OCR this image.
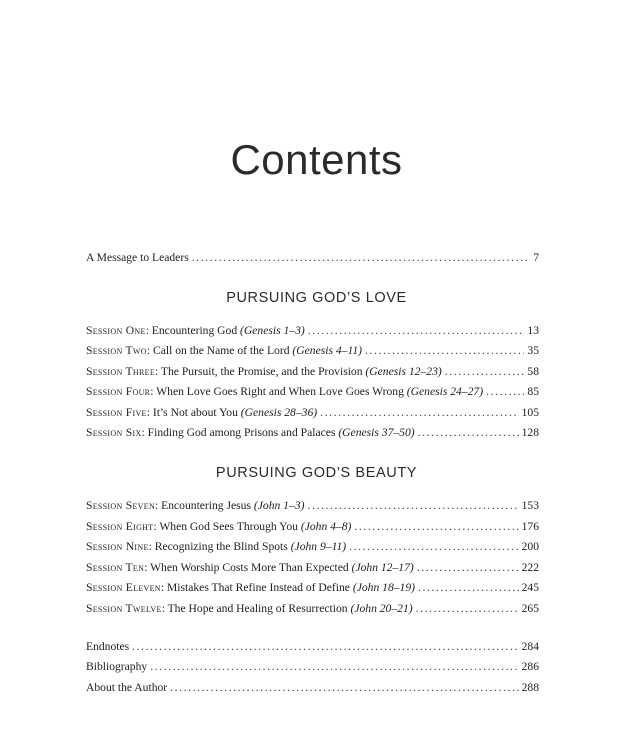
Contents
A Message to Leaders .....	7
PURSUING GOD’S LOVE
Session One: Encountering God (Genesis 1–3) .....	13
Session Two: Call on the Name of the Lord (Genesis 4–11) .....	35
Session Three: The Pursuit, the Promise, and the Provision (Genesis 12–23) .....	58
Session Four: When Love Goes Right and When Love Goes Wrong (Genesis 24–27) .....	85
Session Five: It’s Not about You (Genesis 28–36) .....	105
Session Six: Finding God among Prisons and Palaces (Genesis 37–50) .....	128
PURSUING GOD’S BEAUTY
Session Seven: Encountering Jesus (John 1–3) .....	153
Session Eight: When God Sees Through You (John 4–8) .....	176
Session Nine: Recognizing the Blind Spots (John 9–11) .....	200
Session Ten: When Worship Costs More Than Expected (John 12–17) .....	222
Session Eleven: Mistakes That Refine Instead of Define (John 18–19) .....	245
Session Twelve: The Hope and Healing of Resurrection (John 20–21) .....	265
Endnotes .....	284
Bibliography .....	286
About the Author .....	288
